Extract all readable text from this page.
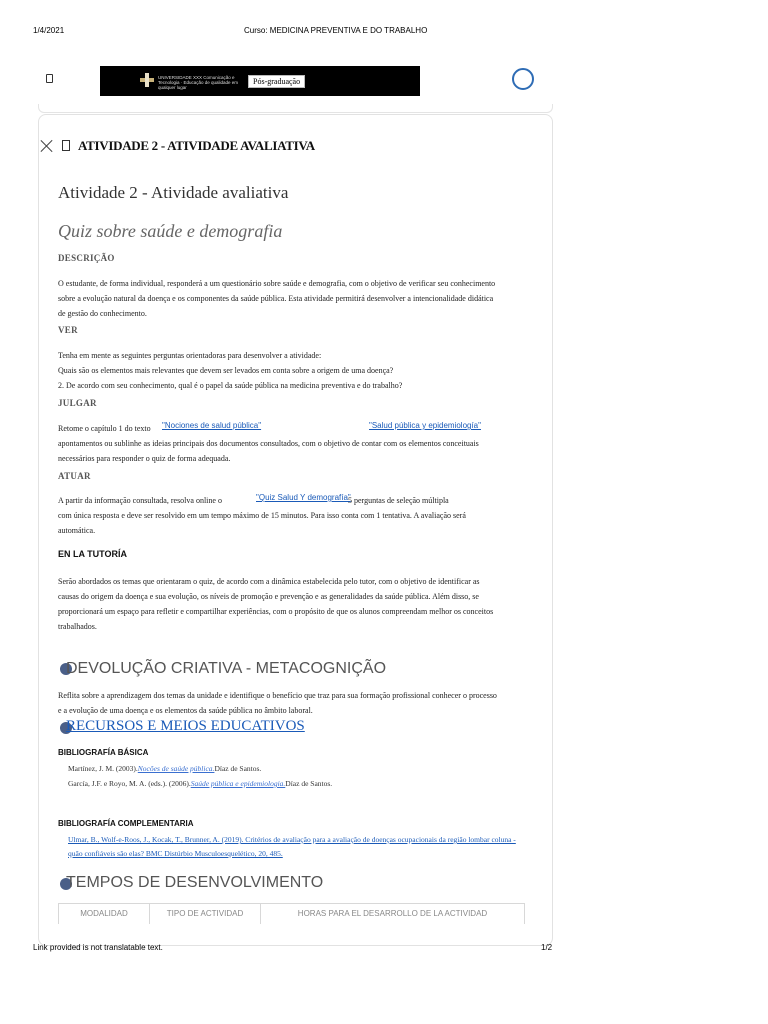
1/4/2021	Curso: MEDICINA PREVENTIVA E DO TRABALHO
UNIVERSIDADE XXX Comunicação e Tecnologia · Educação de qualidade em qualquer lugar
Pós-graduação
ATIVIDADE 2 - ATIVIDADE AVALIATIVA
Atividade 2 - Atividade avaliativa
Quiz sobre saúde e demografia
DESCRIÇÃO
O estudante, de forma individual, responderá a um questionário sobre saúde e demografia, com o objetivo de verificar seu conhecimento sobre a evolução natural da doença e os componentes da saúde pública. Esta atividade permitirá desenvolver a intencionalidade didática de gestão do conhecimento.
VER
Tenha em mente as seguintes perguntas orientadoras para desenvolver a atividade:
Quais são os elementos mais relevantes que devem ser levados em conta sobre a origem de uma doença?
2. De acordo com seu conhecimento, qual é o papel da saúde pública na medicina preventiva e do trabalho?
JULGAR
Retome o capítulo 1 do texto	"Nociones de salud pública"	"Salud pública y epidemiología"
apontamentos ou sublinhe as ideias principais dos documentos consultados, com o objetivo de contar com os elementos conceituais necessários para responder o quiz de forma adequada.
ATUAR
A partir da informação consultada, resolva online o	"Quiz Salud Y demografía"
5 perguntas de seleção múltipla
com única resposta e deve ser resolvido em um tempo máximo de 15 minutos. Para isso conta com 1 tentativa. A avaliação será automática.
EN LA TUTORÍA
Serão abordados os temas que orientaram o quiz, de acordo com a dinâmica estabelecida pelo tutor, com o objetivo de identificar as causas do origem da doença e sua evolução, os níveis de promoção e prevenção e as generalidades da saúde pública. Além disso, se proporcionará um espaço para refletir e compartilhar experiências, com o propósito de que os alunos compreendam melhor os conceitos trabalhados.
DEVOLUÇÃO CRIATIVA - METACOGNIÇÃO
Reflita sobre a aprendizagem dos temas da unidade e identifique o benefício que traz para sua formação profissional conhecer o processo e a evolução de uma doença e os elementos da saúde pública no âmbito laboral.
RECURSOS E MEIOS EDUCATIVOS
BIBLIOGRAFÍA BÁSICA
Martínez, J. M. (2003).Nocões de saúde pública.Díaz de Santos.
García, J.F. e Royo, M. A. (eds.). (2006).Saúde pública e epidemiologia.Díaz de Santos.
BIBLIOGRAFÍA COMPLEMENTARIA
Ulmar, B., Wolf-e-Roos, J., Kocak, T., Brunner, A. (2019). Critérios de avaliação para a avaliação de doenças ocupacionais da região lombar coluna - quão confiáveis são elas? BMC Distúrbio Musculoesquelético, 20, 485.
TEMPOS DE DESENVOLVIMENTO
MODALIDAD	TIPO DE ACTIVIDAD	HORAS PARA EL DESARROLLO DE LA ACTIVIDAD
Link provided is not translatable text.	1/2
